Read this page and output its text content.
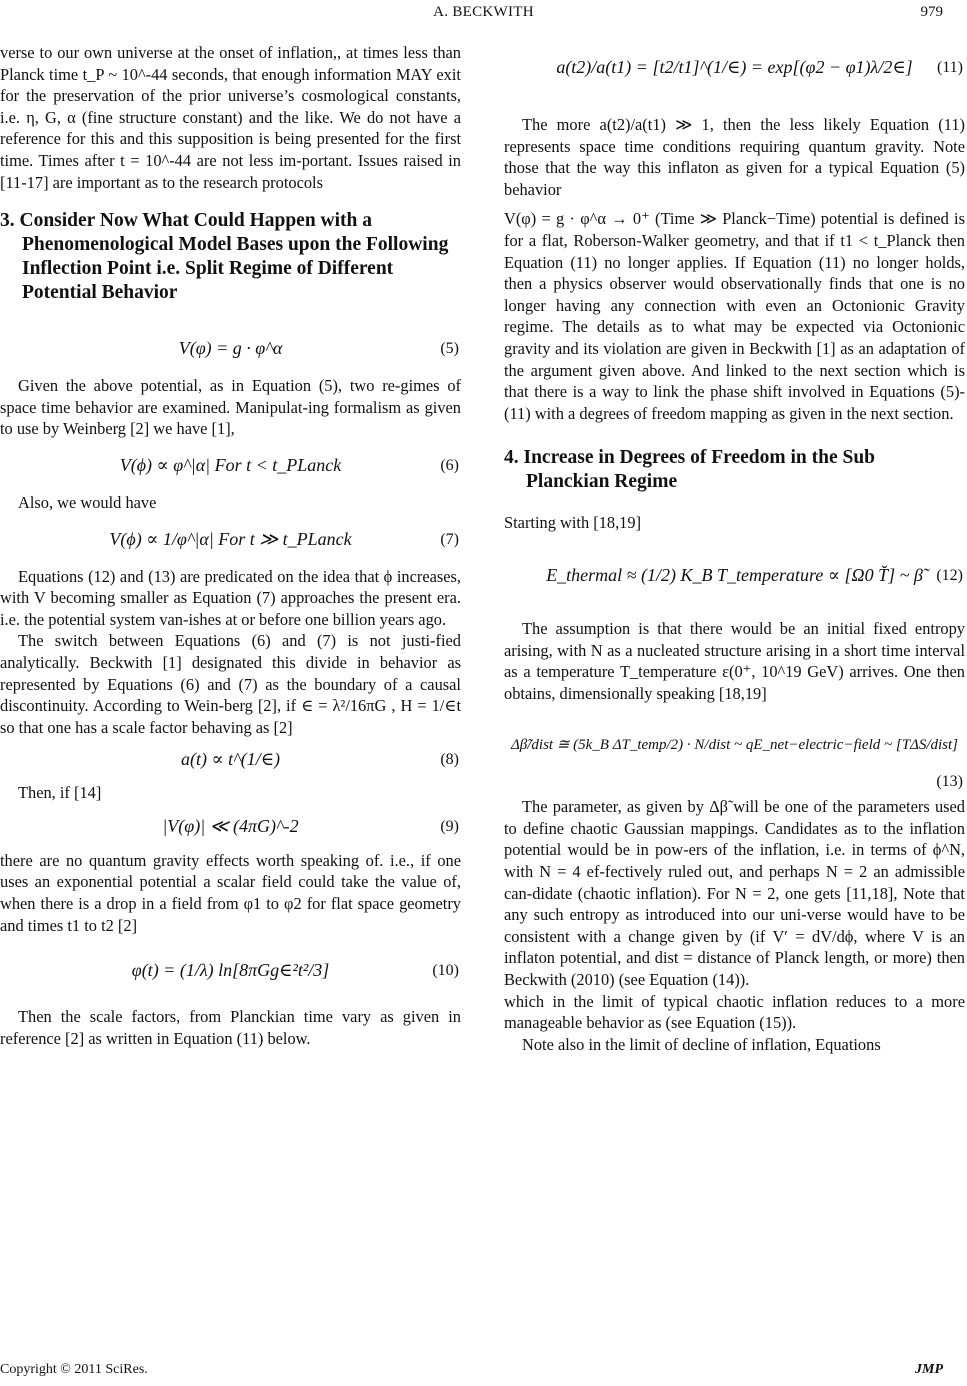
A. BECKWITH	979

verse to our own universe at the onset of inflation,, at times less than Planck time t_P ~ 10^-44 seconds, that enough information MAY exit for the preservation of the prior universe’s cosmological constants, i.e. η, G, α (fine structure constant) and the like. We do not have a reference for this and this supposition is being presented for the first time. Times after t = 10^-44 are not less im-portant. Issues raised in [11-17] are important as to the research protocols

3. Consider Now What Could Happen with a
Phenomenological Model Bases upon the Following Inflection Point i.e. Split Regime of Different Potential Behavior
V(φ) = g · φ^α	(5)

Given the above potential, as in Equation (5), two re-gimes of space time behavior are examined. Manipulat-ing formalism as given to use by Weinberg [2] we have [1],

V(ϕ) ∝ φ^|α| For t < t_PLanck	(6)

Also, we would have

V(ϕ) ∝ 1/φ^|α| For t ≫ t_PLanck	(7)

Equations (12) and (13) are predicated on the idea that ϕ increases, with V becoming smaller as Equation (7) approaches the present era. i.e. the potential system van-ishes at or before one billion years ago.

The switch between Equations (6) and (7) is not justi-fied analytically. Beckwith [1] designated this divide in behavior as represented by Equations (6) and (7) as the boundary of a causal discontinuity. According to Wein-berg [2], if ∈ = λ²/16πG , H = 1/∈t so that one has a scale factor behaving as [2]

a(t) ∝ t^(1/∈)	(8)

Then, if [14]

|V(φ)| ≪ (4πG)^-2	(9)

there are no quantum gravity effects worth speaking of. i.e., if one uses an exponential potential a scalar field could take the value of, when there is a drop in a field from φ1 to φ2 for flat space geometry and times t1 to t2 [2]

φ(t) = (1/λ) ln[8πGg∈²t²/3]	(10)

Then the scale factors, from Planckian time vary as given in reference [2] as written in Equation (11) below.

a(t2)/a(t1) = [t2/t1]^(1/∈) = exp[(φ2 − φ1)λ/2∈] (11)

The more a(t2)/a(t1) ≫ 1, then the less likely Equation (11) represents space time conditions requiring quantum gravity. Note those that the way this inflaton as given for a typical Equation (5) behavior

V(φ) = g · φ^α → 0⁺ (Time ≫ Planck−Time) potential is defined is for a flat, Roberson-Walker geometry, and that if t1 < t_Planck then Equation (11) no longer applies. If Equation (11) no longer holds, then a physics observer would observationally finds that one is no longer having any connection with even an Octonionic Gravity regime. The details as to what may be expected via Octonionic gravity and its violation are given in Beckwith [1] as an adaptation of the argument given above. And linked to the next section which is that there is a way to link the phase shift involved in Equations (5)-(11) with a degrees of freedom mapping as given in the next section.

4. Increase in Degrees of Freedom in the Sub
Planckian Regime

Starting with [18,19]

E_thermal ≈ (1/2) K_B T_temperature ∝ [Ω0 T̆] ~ β̃ (12)

The assumption is that there would be an initial fixed entropy arising, with N as a nucleated structure arising in a short time interval as a temperature T_temperature ε(0⁺, 10^19 GeV) arrives. One then obtains, dimensionally speaking [18,19]

Δβ̃/dist ≅ (5k_B ΔT_temp/2) · N/dist ~ qE_net−electric−field ~ [TΔS/dist]
(13)

The parameter, as given by Δβ̃ will be one of the parameters used to define chaotic Gaussian mappings. Candidates as to the inflation potential would be in pow-ers of the inflation, i.e. in terms of ϕ^N, with N = 4 ef-fectively ruled out, and perhaps N = 2 an admissible can-didate (chaotic inflation). For N = 2, one gets [11,18], Note that any such entropy as introduced into our uni-verse would have to be consistent with a change given by (if V′ = dV/dϕ, where V is an inflaton potential, and dist = distance of Planck length, or more) then Beckwith (2010) (see Equation (14)).

which in the limit of typical chaotic inflation reduces to a more manageable behavior as (see Equation (15)).

Note also in the limit of decline of inflation, Equations

Copyright © 2011 SciRes.	JMP
